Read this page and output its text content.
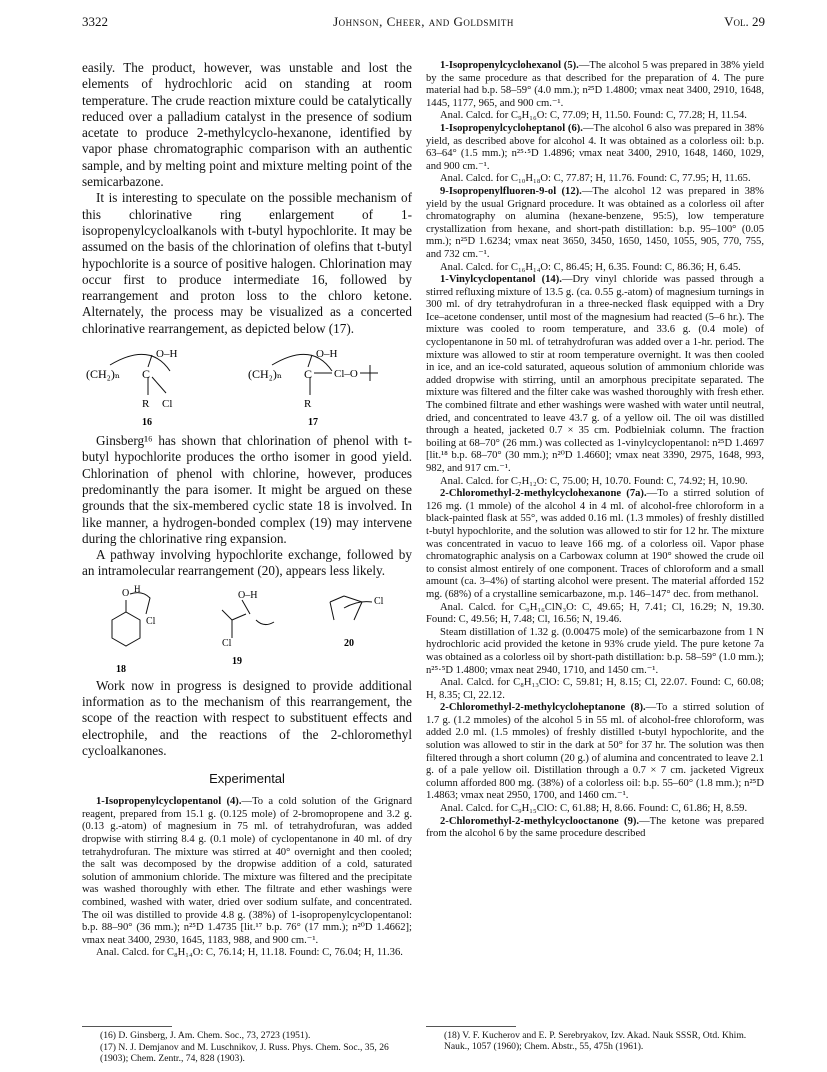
3322	Johnson, Cheer, and Goldsmith	Vol. 29

easily. The product, however, was unstable and lost the elements of hydrochloric acid on standing at room temperature. The crude reaction mixture could be catalytically reduced over a palladium catalyst in the presence of sodium acetate to produce 2-methylcyclo-hexanone, identified by vapor phase chromatographic comparison with an authentic sample, and by melting point and mixture melting point of the semicarbazone.

It is interesting to speculate on the possible mechanism of this chlorinative ring enlargement of 1-isopropenylcycloalkanols with t-butyl hypochlorite. It may be assumed on the basis of the chlorination of olefins that t-butyl hypochlorite is a source of positive halogen. Chlorination may occur first to produce intermediate 16, followed by rearrangement and proton loss to the chloro ketone. Alternately, the process may be visualized as a concerted chlorinative rearrangement, as depicted below (17).

(CH₂)ₙ C
O–H
R Cl
16
(CH₂)ₙ C
O–H
R
Cl–O
17

Ginsberg¹⁶ has shown that chlorination of phenol with t-butyl hypochlorite produces the ortho isomer in good yield. Chlorination of phenol with chlorine, however, produces predominantly the para isomer. It might be argued on these grounds that the six-membered cyclic state 18 is involved. In like manner, a hydrogen-bonded complex (19) may intervene during the chlorinative ring expansion.

A pathway involving hypochlorite exchange, followed by an intramolecular rearrangement (20), appears less likely.

O H
Cl
18
O–H
Cl
19
Cl
20

Work now in progress is designed to provide additional information as to the mechanism of this rearrangement, the scope of the reaction with respect to substituent effects and electrophile, and the reactions of the 2-chloromethyl cycloalkanones.

Experimental

1-Isopropenylcyclopentanol (4).—To a cold solution of the Grignard reagent, prepared from 15.1 g. (0.125 mole) of 2-bromopropene and 3.2 g. (0.13 g.-atom) of magnesium in 75 ml. of tetrahydrofuran, was added dropwise with stirring 8.4 g. (0.1 mole) of cyclopentanone in 40 ml. of dry tetrahydrofuran. The mixture was stirred at 40° overnight and then cooled; the salt was decomposed by the dropwise addition of a cold, saturated solution of ammonium chloride. The mixture was filtered and the precipitate was washed thoroughly with ether. The filtrate and ether washings were combined, washed with water, dried over sodium sulfate, and concentrated. The oil was distilled to provide 4.8 g. (38%) of 1-isopropenylcyclopentanol: b.p. 88–90° (36 mm.); n²⁵D 1.4735 [lit.¹⁷ b.p. 76° (17 mm.); n²⁰D 1.4662]; νmax neat 3400, 2930, 1645, 1183, 988, and 900 cm.⁻¹.

Anal. Calcd. for C₈H₁₄O: C, 76.14; H, 11.18. Found: C, 76.04; H, 11.36.

(16) D. Ginsberg, J. Am. Chem. Soc., 73, 2723 (1951).
(17) N. J. Demjanov and M. Luschnikov, J. Russ. Phys. Chem. Soc., 35, 26 (1903); Chem. Zentr., 74, 828 (1903).

1-Isopropenylcyclohexanol (5).—The alcohol 5 was prepared in 38% yield by the same procedure as that described for the preparation of 4. The pure material had b.p. 58–59° (4.0 mm.); n²⁵D 1.4800; νmax neat 3400, 2910, 1648, 1445, 1177, 965, and 900 cm.⁻¹.

Anal. Calcd. for C₉H₁₆O: C, 77.09; H, 11.50. Found: C, 77.28; H, 11.54.

1-Isopropenylcycloheptanol (6).—The alcohol 6 also was prepared in 38% yield, as described above for alcohol 4. It was obtained as a colorless oil: b.p. 63–64° (1.5 mm.); n²⁵·⁵D 1.4896; νmax neat 3400, 2910, 1648, 1460, 1029, and 900 cm.⁻¹.

Anal. Calcd. for C₁₀H₁₈O: C, 77.87; H, 11.76. Found: C, 77.95; H, 11.65.

9-Isopropenylfluoren-9-ol (12).—The alcohol 12 was prepared in 38% yield by the usual Grignard procedure. It was obtained as a colorless oil after chromatography on alumina (hexane-benzene, 95:5), low temperature crystallization from hexane, and short-path distillation: b.p. 95–100° (0.05 mm.); n²⁵D 1.6234; νmax neat 3650, 3450, 1650, 1450, 1055, 905, 770, 755, and 732 cm.⁻¹.

Anal. Calcd. for C₁₆H₁₄O: C, 86.45; H, 6.35. Found: C, 86.36; H, 6.45.

1-Vinylcyclopentanol (14).—Dry vinyl chloride was passed through a stirred refluxing mixture of 13.5 g. (ca. 0.55 g.-atom) of magnesium turnings in 300 ml. of dry tetrahydrofuran in a three-necked flask equipped with a Dry Ice–acetone condenser, until most of the magnesium had reacted (5–6 hr.). The mixture was cooled to room temperature, and 33.6 g. (0.4 mole) of cyclopentanone in 50 ml. of tetrahydrofuran was added over a 1-hr. period. The mixture was allowed to stir at room temperature overnight. It was then cooled in ice, and an ice-cold saturated, aqueous solution of ammonium chloride was added dropwise with stirring, until an amorphous precipitate separated. The mixture was filtered and the filter cake was washed thoroughly with fresh ether. The combined filtrate and ether washings were washed with water until neutral, dried, and concentrated to leave 43.7 g. of a yellow oil. The oil was distilled through a heated, jacketed 0.7 × 35 cm. Podbielniak column. The fraction boiling at 68–70° (26 mm.) was collected as 1-vinylcyclopentanol: n²⁵D 1.4697 [lit.¹⁸ b.p. 68–70° (30 mm.); n²⁰D 1.4660]; νmax neat 3390, 2975, 1648, 993, 982, and 917 cm.⁻¹.

Anal. Calcd. for C₇H₁₂O: C, 75.00; H, 10.70. Found: C, 74.92; H, 10.90.

2-Chloromethyl-2-methylcyclohexanone (7a).—To a stirred solution of 126 mg. (1 mmole) of the alcohol 4 in 4 ml. of alcohol-free chloroform in a black-painted flask at 55°, was added 0.16 ml. (1.3 mmoles) of freshly distilled t-butyl hypochlorite, and the solution was allowed to stir for 12 hr. The mixture was concentrated in vacuo to leave 166 mg. of a colorless oil. Vapor phase chromatographic analysis on a Carbowax column at 190° showed the crude oil to consist almost entirely of one component. Traces of chloroform and a small amount (ca. 3–4%) of starting alcohol were present. The material afforded 152 mg. (68%) of a crystalline semicarbazone, m.p. 146–147° dec. from methanol.

Anal. Calcd. for C₉H₁₆ClN₃O: C, 49.65; H, 7.41; Cl, 16.29; N, 19.30. Found: C, 49.56; H, 7.48; Cl, 16.56; N, 19.46.

Steam distillation of 1.32 g. (0.00475 mole) of the semicarbazone from 1 N hydrochloric acid provided the ketone in 93% crude yield. The pure ketone 7a was obtained as a colorless oil by short-path distillation: b.p. 58–59° (1.0 mm.); n²⁵·⁵D 1.4800; νmax neat 2940, 1710, and 1450 cm.⁻¹.

Anal. Calcd. for C₈H₁₃ClO: C, 59.81; H, 8.15; Cl, 22.07. Found: C, 60.08; H, 8.35; Cl, 22.12.

2-Chloromethyl-2-methylcycloheptanone (8).—To a stirred solution of 1.7 g. (1.2 mmoles) of the alcohol 5 in 55 ml. of alcohol-free chloroform, was added 2.0 ml. (1.5 mmoles) of freshly distilled t-butyl hypochlorite, and the solution was allowed to stir in the dark at 50° for 37 hr. The solution was then filtered through a short column (20 g.) of alumina and concentrated to leave 2.1 g. of a pale yellow oil. Distillation through a 0.7 × 7 cm. jacketed Vigreux column afforded 800 mg. (38%) of a colorless oil: b.p. 55–60° (1.8 mm.); n²⁵D 1.4863; νmax neat 2950, 1700, and 1460 cm.⁻¹.

Anal. Calcd. for C₉H₁₅ClO: C, 61.88; H, 8.66. Found: C, 61.86; H, 8.59.

2-Chloromethyl-2-methylcyclooctanone (9).—The ketone was prepared from the alcohol 6 by the same procedure described

(18) V. F. Kucherov and E. P. Serebryakov, Izv. Akad. Nauk SSSR, Otd. Khim. Nauk., 1057 (1960); Chem. Abstr., 55, 475h (1961).
